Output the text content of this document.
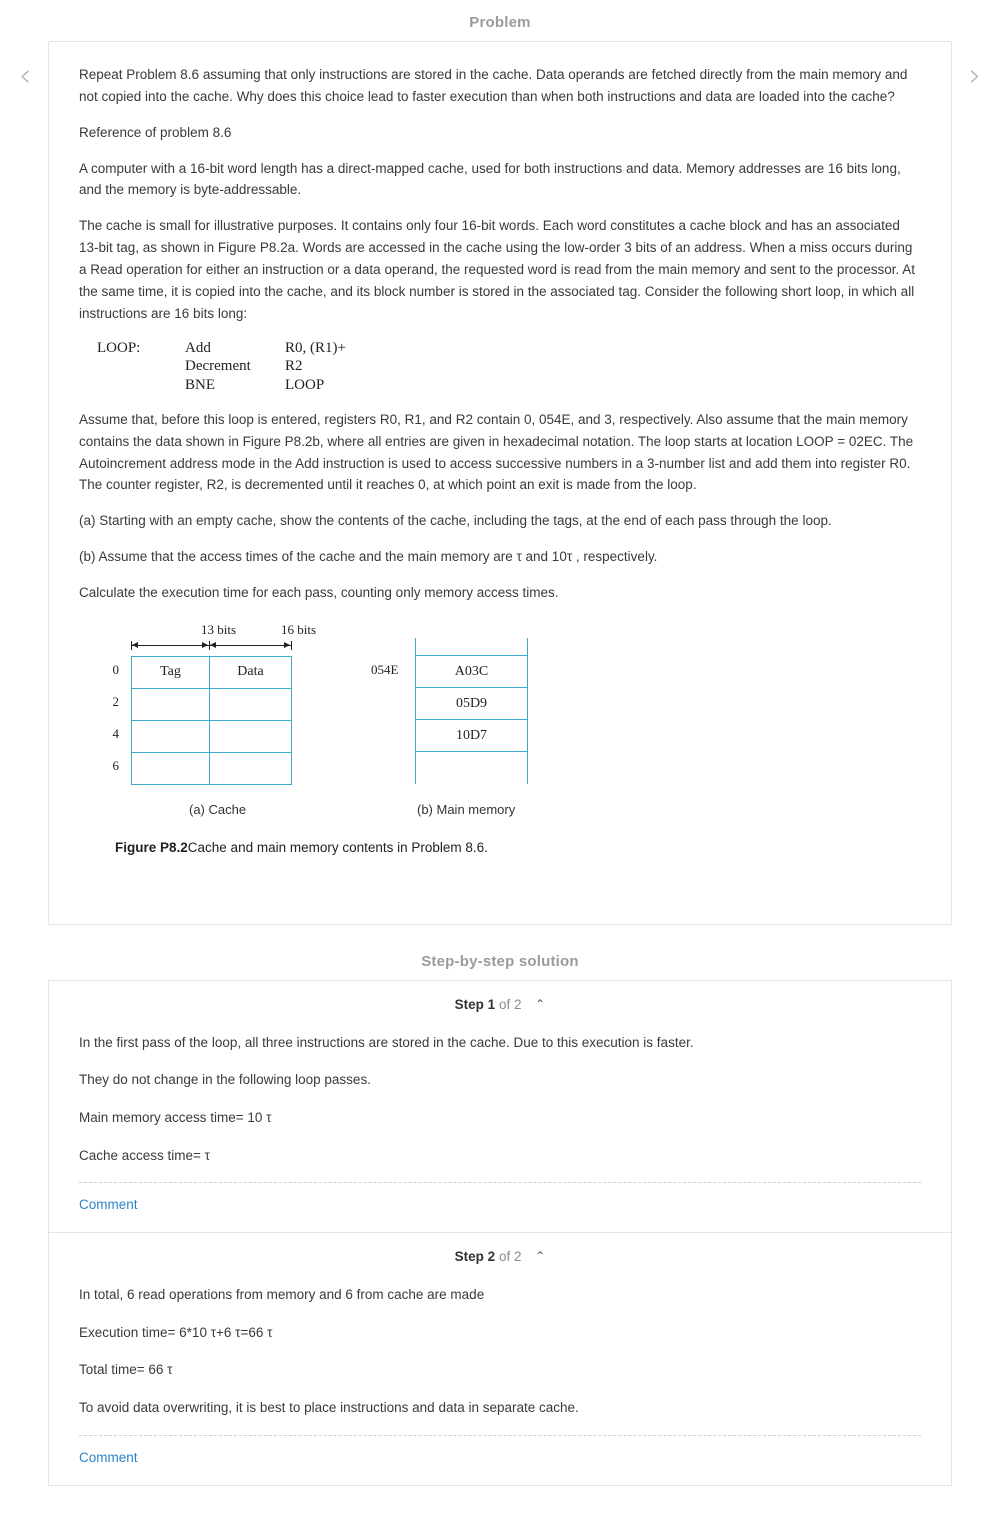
‹	›
Problem

Repeat Problem 8.6 assuming that only instructions are stored in the cache. Data operands are fetched directly from the main memory and not copied into the cache. Why does this choice lead to faster execution than when both instructions and data are loaded into the cache?

Reference of problem 8.6

A computer with a 16-bit word length has a direct-mapped cache, used for both instructions and data. Memory addresses are 16 bits long, and the memory is byte-addressable.

The cache is small for illustrative purposes. It contains only four 16-bit words. Each word constitutes a cache block and has an associated 13-bit tag, as shown in Figure P8.2a. Words are accessed in the cache using the low-order 3 bits of an address. When a miss occurs during a Read operation for either an instruction or a data operand, the requested word is read from the main memory and sent to the processor. At the same time, it is copied into the cache, and its block number is stored in the associated tag. Consider the following short loop, in which all instructions are 16 bits long:

LOOP:	Add	R0, (R1)+
Decrement	R2
BNE	LOOP

Assume that, before this loop is entered, registers R0, R1, and R2 contain 0, 054E, and 3, respectively. Also assume that the main memory contains the data shown in Figure P8.2b, where all entries are given in hexadecimal notation. The loop starts at location LOOP = 02EC. The Autoincrement address mode in the Add instruction is used to access successive numbers in a 3-number list and add them into register R0. The counter register, R2, is decremented until it reaches 0, at which point an exit is made from the loop.

(a) Starting with an empty cache, show the contents of the cache, including the tags, at the end of each pass through the loop.

(b) Assume that the access times of the cache and the main memory are τ and 10τ , respectively.

Calculate the execution time for each pass, counting only memory access times.

13 bits	16 bits
0
2
4
6
Tag	Data

		054E	A03C
05D9
10D7

(a) Cache	(b) Main memory
Figure P8.2Cache and main memory contents in Problem 8.6.
Step-by-step solution
Step 1 of 2 ⌃

In the first pass of the loop, all three instructions are stored in the cache. Due to this execution is faster.

They do not change in the following loop passes.

Main memory access time= 10 τ

Cache access time= τ

Comment
Step 2 of 2 ⌃

In total, 6 read operations from memory and 6 from cache are made

Execution time= 6*10 τ+6 τ=66 τ

Total time= 66 τ

To avoid data overwriting, it is best to place instructions and data in separate cache.

Comment
